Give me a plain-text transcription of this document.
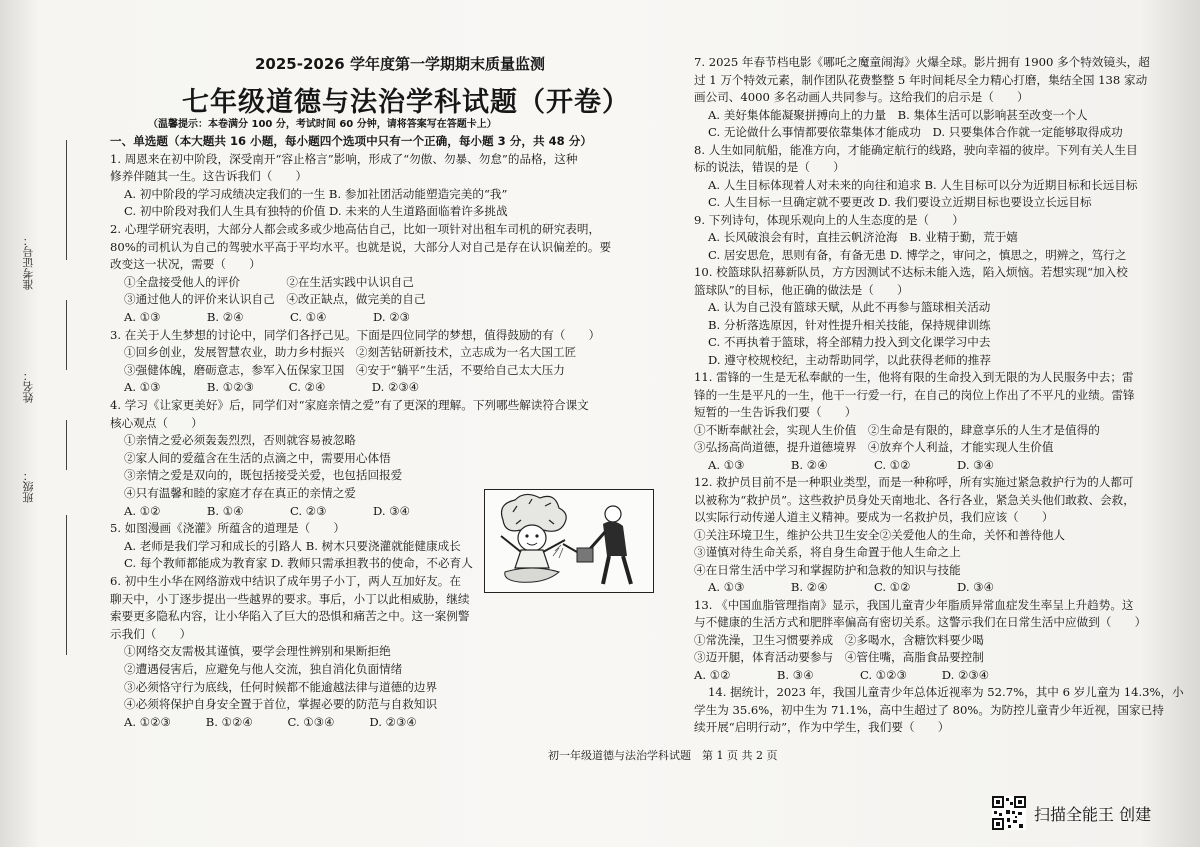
准考证号：
姓名：
班级：
2025-2026 学年度第一学期期末质量监测
七年级道德与法治学科试题（开卷）
（温馨提示：本卷满分 100 分，考试时间 60 分钟，请将答案写在答题卡上）
一、单选题（本大题共 16 小题，每小题四个选项中只有一个正确，每小题 3 分，共 48 分）
1. 周恩来在初中阶段，深受南开“容止格言”影响，形成了“勿傲、勿暴、勿怠”的品格，这种
修养伴随其一生。这告诉我们（　　）
A. 初中阶段的学习成绩决定我们的一生 B. 参加社团活动能塑造完美的“我”
C. 初中阶段对我们人生具有独特的价值 D. 未来的人生道路面临着许多挑战
2. 心理学研究表明，大部分人都会或多或少地高估自己，比如一项针对出租车司机的研究表明，
80%的司机认为自己的驾驶水平高于平均水平。也就是说，大部分人对自己是存在认识偏差的。要
改变这一状况，需要（　　）
①全盘接受他人的评价　　　　②在生活实践中认识自己
③通过他人的评价来认识自己　④改正缺点，做完美的自己
A. ①③　　　　B. ②④　　　　C. ①④　　　　D. ②③
3. 在关于人生梦想的讨论中，同学们各抒己见。下面是四位同学的梦想，值得鼓励的有（　　）
①回乡创业，发展智慧农业，助力乡村振兴　②刻苦钻研新技术，立志成为一名大国工匠
③强健体魄，磨砺意志，参军入伍保家卫国　④安于“躺平”生活，不要给自己太大压力
A. ①③　　　　B. ①②③　　　C. ②④　　　　D. ②③④
4. 学习《让家更美好》后，同学们对“家庭亲情之爱”有了更深的理解。下列哪些解读符合课文
核心观点（　　）
①亲情之爱必须轰轰烈烈，否则就容易被忽略
②家人间的爱蕴含在生活的点滴之中，需要用心体悟
③亲情之爱是双向的，既包括接受关爱，也包括回报爱
④只有温馨和睦的家庭才存在真正的亲情之爱
A. ①②　　　　B. ①④　　　　C. ②③　　　　D. ③④
5. 如图漫画《浇灌》所蕴含的道理是（　　）
A. 老师是我们学习和成长的引路人 B. 树木只要浇灌就能健康成长
C. 每个教师都能成为教育家 D. 教师只需承担教书的使命，不必育人
6. 初中生小华在网络游戏中结识了成年男子小丁，两人互加好友。在
聊天中，小丁逐步提出一些越界的要求。事后，小丁以此相威胁，继续
索要更多隐私内容，让小华陷入了巨大的恐惧和痛苦之中。这一案例警
示我们（　　）
①网络交友需极其谨慎，要学会理性辨别和果断拒绝
②遭遇侵害后，应避免与他人交流，独自消化负面情绪
③必须恪守行为底线，任何时候都不能逾越法律与道德的边界
④必须将保护自身安全置于首位，掌握必要的防范与自救知识
A. ①②③　　　B. ①②④　　　C. ①③④　　　D. ②③④
7. 2025 年春节档电影《哪吒之魔童闹海》火爆全球。影片拥有 1900 多个特效镜头，超
过 1 万个特效元素，制作团队花费整整 5 年时间耗尽全力精心打磨，集结全国 138 家动
画公司、4000 多名动画人共同参与。这给我们的启示是（　　）
A. 美好集体能凝聚拼搏向上的力量　B. 集体生活可以影响甚至改变一个人
C. 无论做什么事情都要依靠集体才能成功　D. 只要集体合作就一定能够取得成功
8. 人生如同航船，能准方向，才能确定航行的线路，驶向幸福的彼岸。下列有关人生目
标的说法，错误的是（　　）
A. 人生目标体现着人对未来的向往和追求 B. 人生目标可以分为近期目标和长远目标
C. 人生目标一旦确定就不要更改 D. 我们要设立近期目标也要设立长远目标
9. 下列诗句，体现乐观向上的人生态度的是（　　）
A. 长风破浪会有时，直挂云帆济沧海　B. 业精于勤，荒于嬉
C. 居安思危，思则有备，有备无患 D. 博学之，审问之，慎思之，明辨之，笃行之
10. 校篮球队招募新队员，方方因测试不达标未能入选，陷入烦恼。若想实现“加入校
篮球队”的目标，他正确的做法是（　　）
A. 认为自己没有篮球天赋，从此不再参与篮球相关活动
B. 分析落选原因，针对性提升相关技能，保持规律训练
C. 不再执着于篮球，将全部精力投入到文化课学习中去
D. 遵守校规校纪，主动帮助同学，以此获得老师的推荐
11. 雷锋的一生是无私奉献的一生，他将有限的生命投入到无限的为人民服务中去；雷
锋的一生是平凡的一生，他干一行爱一行，在自己的岗位上作出了不平凡的业绩。雷锋
短暂的一生告诉我们要（　　）
①不断奉献社会，实现人生价值　②生命是有限的，肆意享乐的人生才是值得的
③弘扬高尚道德，提升道德境界　④放弃个人利益，才能实现人生价值
A. ①③　　　　B. ②④　　　　C. ①②　　　　D. ③④
12. 救护员目前不是一种职业类型，而是一种称呼，所有实施过紧急救护行为的人都可
以被称为“救护员”。这些救护员身处天南地北、各行各业，紧急关头他们敢救、会救，
以实际行动传递人道主义精神。要成为一名救护员，我们应该（　　）
①关注环境卫生，维护公共卫生安全②关爱他人的生命，关怀和善待他人
③谨慎对待生命关系，将自身生命置于他人生命之上
④在日常生活中学习和掌握防护和急救的知识与技能
A. ①③　　　　B. ②④　　　　C. ①②　　　　D. ③④
13. 《中国血脂管理指南》显示，我国儿童青少年脂质异常血症发生率呈上升趋势。这
与不健康的生活方式和肥胖率偏高有密切关系。这警示我们在日常生活中应做到（　　）
①常洗澡，卫生习惯要养成　②多喝水，含糖饮料要少喝
③迈开腿，体育活动要参与　④管住嘴，高脂食品要控制
A. ①②　　　　B. ③④　　　　C. ①②③　　　D. ②③④
14. 据统计，2023 年，我国儿童青少年总体近视率为 52.7%，其中 6 岁儿童为 14.3%，小
学生为 35.6%，初中生为 71.1%，高中生超过了 80%。为防控儿童青少年近视，国家已持
续开展“启明行动”，作为中学生，我们要（　　）
初一年级道德与法治学科试题　第 1 页 共 2 页
扫描全能王 创建
